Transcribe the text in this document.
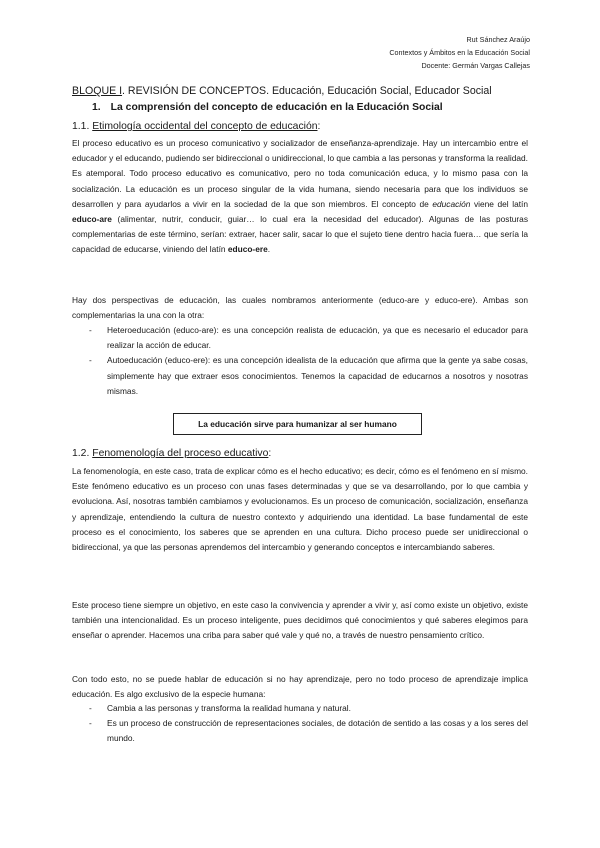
Rut Sánchez Araújo
Contextos y Ámbitos en la Educación Social
Docente: Germán Vargas Callejas
BLOQUE I. REVISIÓN DE CONCEPTOS. Educación, Educación Social, Educador Social
1. La comprensión del concepto de educación en la Educación Social
1.1. Etimología occidental del concepto de educación:
El proceso educativo es un proceso comunicativo y socializador de enseñanza-aprendizaje. Hay un intercambio entre el educador y el educando, pudiendo ser bidireccional o unidireccional, lo que cambia a las personas y transforma la realidad. Es atemporal. Todo proceso educativo es comunicativo, pero no toda comunicación educa, y lo mismo pasa con la socialización. La educación es un proceso singular de la vida humana, siendo necesaria para que los individuos se desarrollen y para ayudarlos a vivir en la sociedad de la que son miembros. El concepto de educación viene del latín educo-are (alimentar, nutrir, conducir, guiar… lo cual era la necesidad del educador). Algunas de las posturas complementarias de este término, serían: extraer, hacer salir, sacar lo que el sujeto tiene dentro hacia fuera… que sería la capacidad de educarse, viniendo del latín educo-ere.
Hay dos perspectivas de educación, las cuales nombramos anteriormente (educo-are y educo-ere). Ambas son complementarias la una con la otra:
- Heteroeducación (educo-are): es una concepción realista de educación, ya que es necesario el educador para realizar la acción de educar.
- Autoeducación (educo-ere): es una concepción idealista de la educación que afirma que la gente ya sabe cosas, simplemente hay que extraer esos conocimientos. Tenemos la capacidad de educarnos a nosotros y nosotras mismas.
La educación sirve para humanizar al ser humano
1.2. Fenomenología del proceso educativo:
La fenomenología, en este caso, trata de explicar cómo es el hecho educativo; es decir, cómo es el fenómeno en sí mismo. Este fenómeno educativo es un proceso con unas fases determinadas y que se va desarrollando, por lo que cambia y evoluciona. Así, nosotras también cambiamos y evolucionamos. Es un proceso de comunicación, socialización, enseñanza y aprendizaje, entendiendo la cultura de nuestro contexto y adquiriendo una identidad. La base fundamental de este proceso es el conocimiento, los saberes que se aprenden en una cultura. Dicho proceso puede ser unidireccional o bidireccional, ya que las personas aprendemos del intercambio y generando conceptos e intercambiando saberes.
Este proceso tiene siempre un objetivo, en este caso la convivencia y aprender a vivir y, así como existe un objetivo, existe también una intencionalidad. Es un proceso inteligente, pues decidimos qué conocimientos y qué saberes elegimos para enseñar o aprender. Hacemos una criba para saber qué vale y qué no, a través de nuestro pensamiento crítico.
Con todo esto, no se puede hablar de educación si no hay aprendizaje, pero no todo proceso de aprendizaje implica educación. Es algo exclusivo de la especie humana:
- Cambia a las personas y transforma la realidad humana y natural.
- Es un proceso de construcción de representaciones sociales, de dotación de sentido a las cosas y a los seres del mundo.
